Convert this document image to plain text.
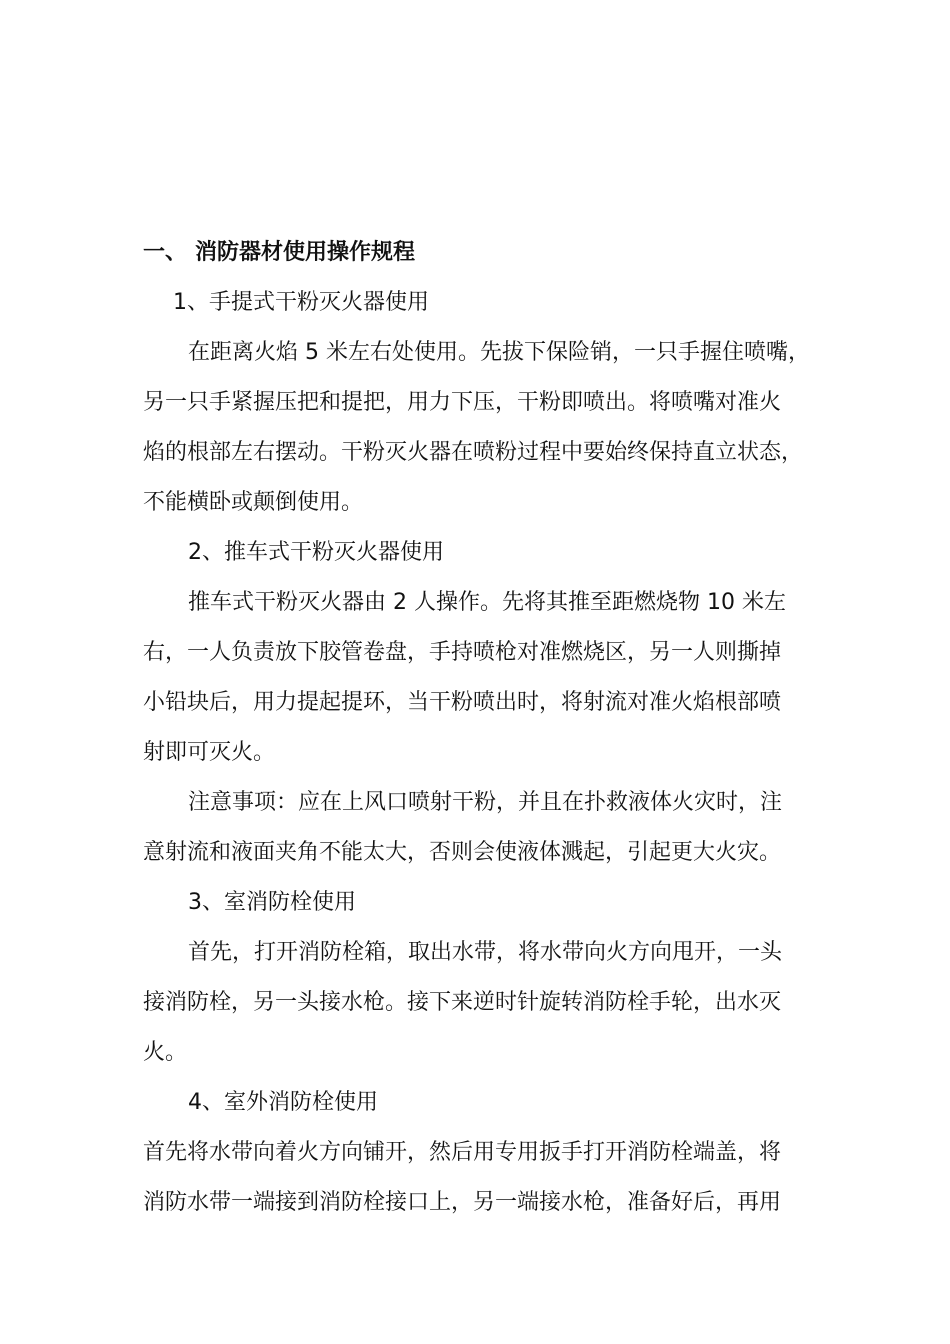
一、 消防器材使用操作规程
1、手提式干粉灭火器使用
在距离火焰 5 米左右处使用。先拔下保险销，一只手握住喷嘴，
另一只手紧握压把和提把，用力下压，干粉即喷出。将喷嘴对准火
焰的根部左右摆动。干粉灭火器在喷粉过程中要始终保持直立状态，
不能横卧或颠倒使用。
2、推车式干粉灭火器使用
推车式干粉灭火器由 2 人操作。先将其推至距燃烧物 10 米左
右，一人负责放下胶管卷盘，手持喷枪对准燃烧区，另一人则撕掉
小铅块后，用力提起提环，当干粉喷出时，将射流对准火焰根部喷
射即可灭火。
注意事项：应在上风口喷射干粉，并且在扑救液体火灾时，注
意射流和液面夹角不能太大，否则会使液体溅起，引起更大火灾。
3、室消防栓使用
首先，打开消防栓箱，取出水带，将水带向火方向甩开，一头
接消防栓，另一头接水枪。接下来逆时针旋转消防栓手轮，出水灭
火。
4、室外消防栓使用
首先将水带向着火方向铺开，然后用专用扳手打开消防栓端盖，将
消防水带一端接到消防栓接口上，另一端接水枪，准备好后，再用
